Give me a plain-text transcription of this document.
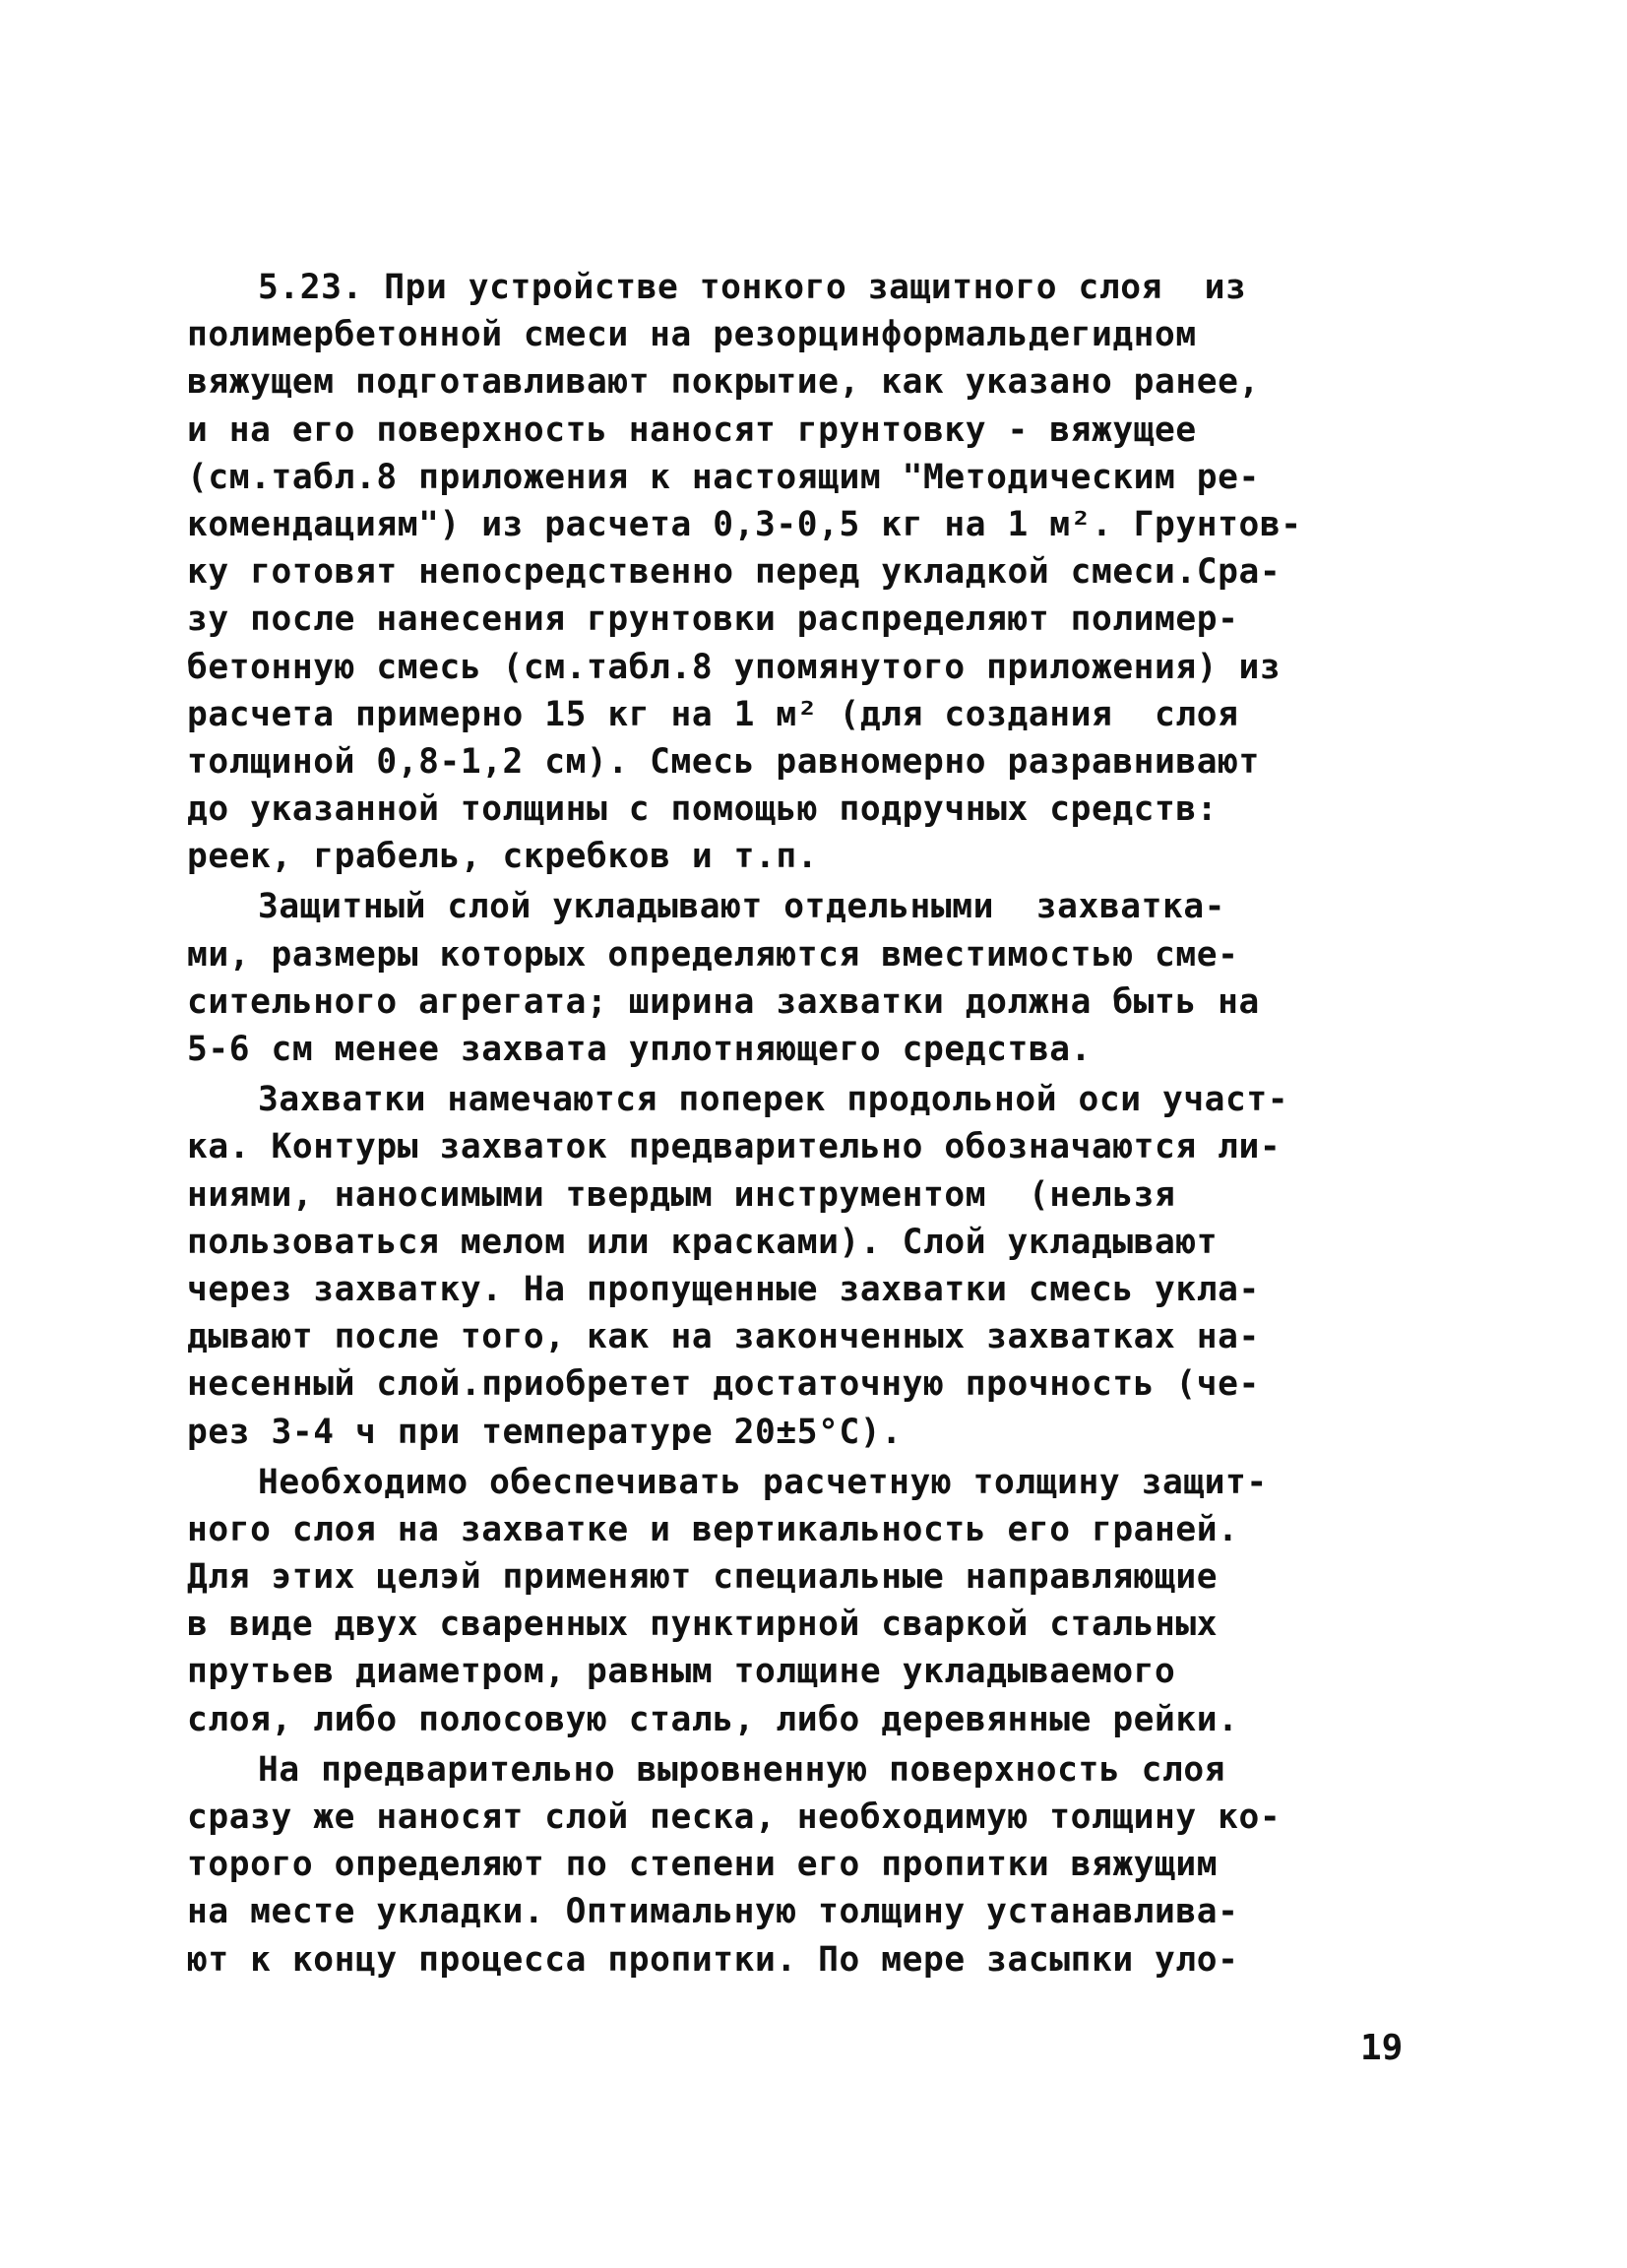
5.23. При устройстве тонкого защитного слоя  из
полимербетонной смеси на резорцинформальдегидном
вяжущем подготавливают покрытие, как указано ранее,
и на его поверхность наносят грунтовку - вяжущее
(см.табл.8 приложения к настоящим "Методическим ре-
комендациям") из расчета 0,3-0,5 кг на 1 м². Грунтов-
ку готовят непосредственно перед укладкой смеси.Сра-
зу после нанесения грунтовки распределяют полимер-
бетонную смесь (см.табл.8 упомянутого приложения) из
расчета примерно 15 кг на 1 м² (для создания  слоя
толщиной 0,8-1,2 см). Смесь равномерно разравнивают
до указанной толщины с помощью подручных средств:
реек, грабель, скребков и т.п.
Защитный слой укладывают отдельными  захватка-
ми, размеры которых определяются вместимостью сме-
сительного агрегата; ширина захватки должна быть на
5-6 см менее захвата уплотняющего средства.
Захватки намечаются поперек продольной оси участ-
ка. Контуры захваток предварительно обозначаются ли-
ниями, наносимыми твердым инструментом  (нельзя
пользоваться мелом или красками). Слой укладывают
через захватку. На пропущенные захватки смесь укла-
дывают после того, как на законченных захватках на-
несенный слой.приобретет достаточную прочность (че-
рез 3-4 ч при температуре 20±5°С).
Необходимо обеспечивать расчетную толщину защит-
ного слоя на захватке и вертикальность его граней.
Для этих целэй применяют специальные направляющие
в виде двух сваренных пунктирной сваркой стальных
прутьев диаметром, равным толщине укладываемого
слоя, либо полосовую сталь, либо деревянные рейки.
На предварительно выровненную поверхность слоя
сразу же наносят слой песка, необходимую толщину ко-
торого определяют по степени его пропитки вяжущим
на месте укладки. Оптимальную толщину устанавлива-
ют к концу процесса пропитки. По мере засыпки уло-
19
